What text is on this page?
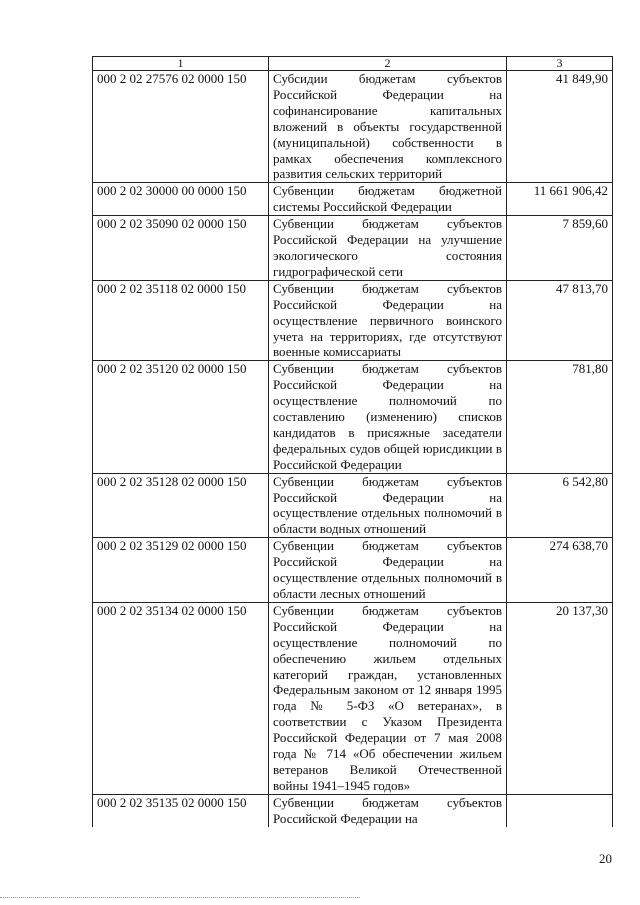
1	2	3
000 2 02 27576 02 0000 150	Субсидии бюджетам субъектов Российской Федерации на софинансирование капитальных вложений в объекты государственной (муниципальной) собственности в рамках обеспечения комплексного развития сельских территорий	41 849,90
000 2 02 30000 00 0000 150	Субвенции бюджетам бюджетной системы Российской Федерации	11 661 906,42
000 2 02 35090 02 0000 150	Субвенции бюджетам субъектов Российской Федерации на улучшение экологического состояния гидрографической сети	7 859,60
000 2 02 35118 02 0000 150	Субвенции бюджетам субъектов Российской Федерации на осуществление первичного воинского учета на территориях, где отсутствуют военные комиссариаты	47 813,70
000 2 02 35120 02 0000 150	Субвенции бюджетам субъектов Российской Федерации на осуществление полномочий по составлению (изменению) списков кандидатов в присяжные заседатели федеральных судов общей юрисдикции в Российской Федерации	781,80
000 2 02 35128 02 0000 150	Субвенции бюджетам субъектов Российской Федерации на осуществление отдельных полномочий в области водных отношений	6 542,80
000 2 02 35129 02 0000 150	Субвенции бюджетам субъектов Российской Федерации на осуществление отдельных полномочий в области лесных отношений	274 638,70
000 2 02 35134 02 0000 150	Субвенции бюджетам субъектов Российской Федерации на осуществление полномочий по обеспечению жильем отдельных категорий граждан, установленных Федеральным законом от 12 января 1995 года № 5-ФЗ «О ветеранах», в соответствии с Указом Президента Российской Федерации от 7 мая 2008 года № 714 «Об обеспечении жильем ветеранов Великой Отечественной войны 1941–1945 годов»	20 137,30
000 2 02 35135 02 0000 150	Субвенции бюджетам субъектов Российской Федерации на	
20
